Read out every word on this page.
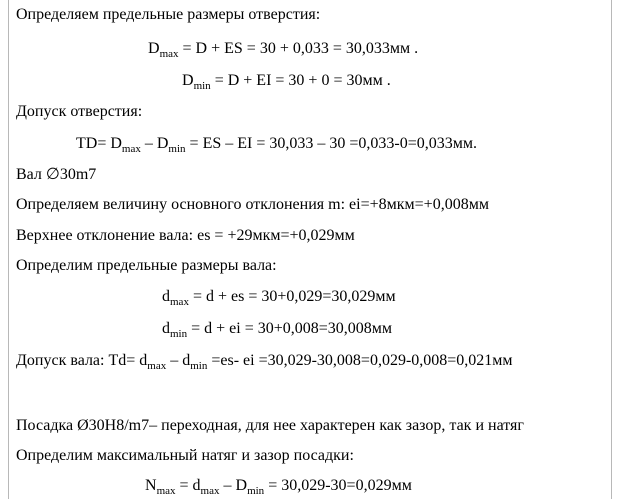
Определяем предельные размеры отверстия:
$D_{max} = D$ + ES = 30 + 0,033 = 30,033мм .
$D_{min} = D$ + EI = 30 + 0 = 30мм .
Допуск отверстия:
$TD= D_{max} - D_{min}$ = ES – EI = 30,033 – 30 =0,033-0=0,033мм.
Вал ∅30m7
Определяем величину основного отклонения m: ei=+8мкм=+0,008мм
Верхнее отклонение вала: es = +29мкм=+0,029мм
Определим предельные размеры вала:
$d_{max} = d$ + es = 30+0,029=30,029мм
$d_{min} = d$ + ei = 30+0,008=30,008мм
Допуск вала: $Td= d_{max} - d_{min} =es-$ ei =30,029-30,008=0,029-0,008=0,021мм
Посадка Ø30H8/m7– переходная, для нее характерен как зазор, так и натяг
Определим максимальный натяг и зазор посадки:
$N_{max} = d_{max} - D_{min} = 30,029-30=0,029мм$
